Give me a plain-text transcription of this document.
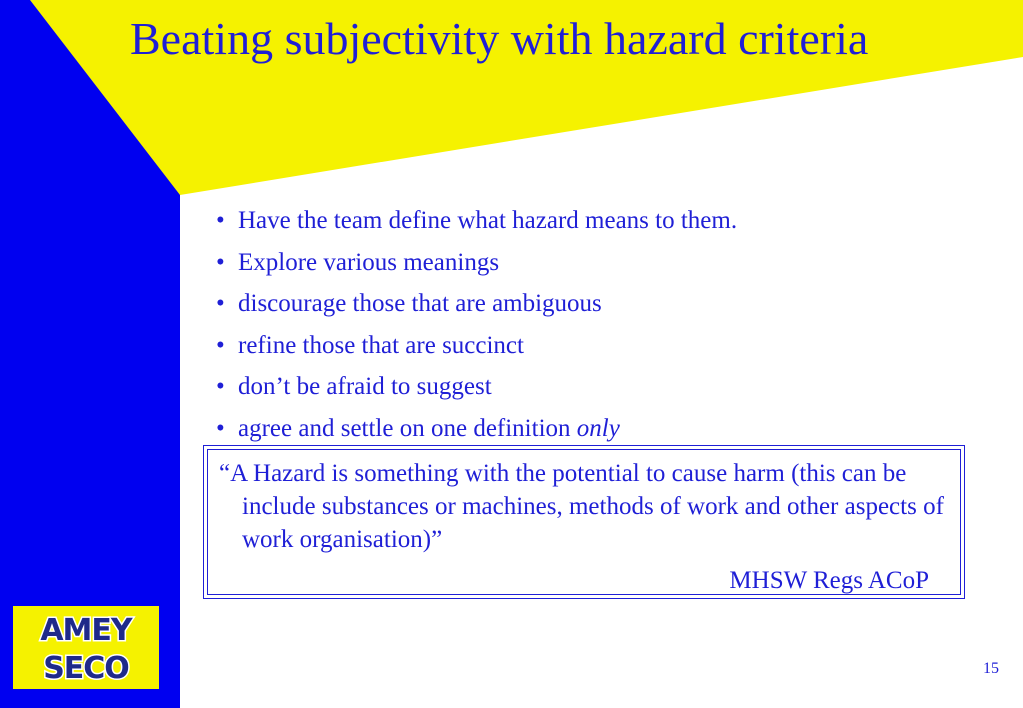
Beating subjectivity with hazard criteria
• Have the team define what hazard means to them.
• Explore various meanings
• discourage those that are ambiguous
• refine those that are succinct
• don’t be afraid to suggest
• agree and settle on one definition only

“A Hazard is something with the potential to cause harm (this can be include substances or machines, methods of work and other aspects of work organisation)”

MHSW Regs ACoP
AMEY
SECO	15
